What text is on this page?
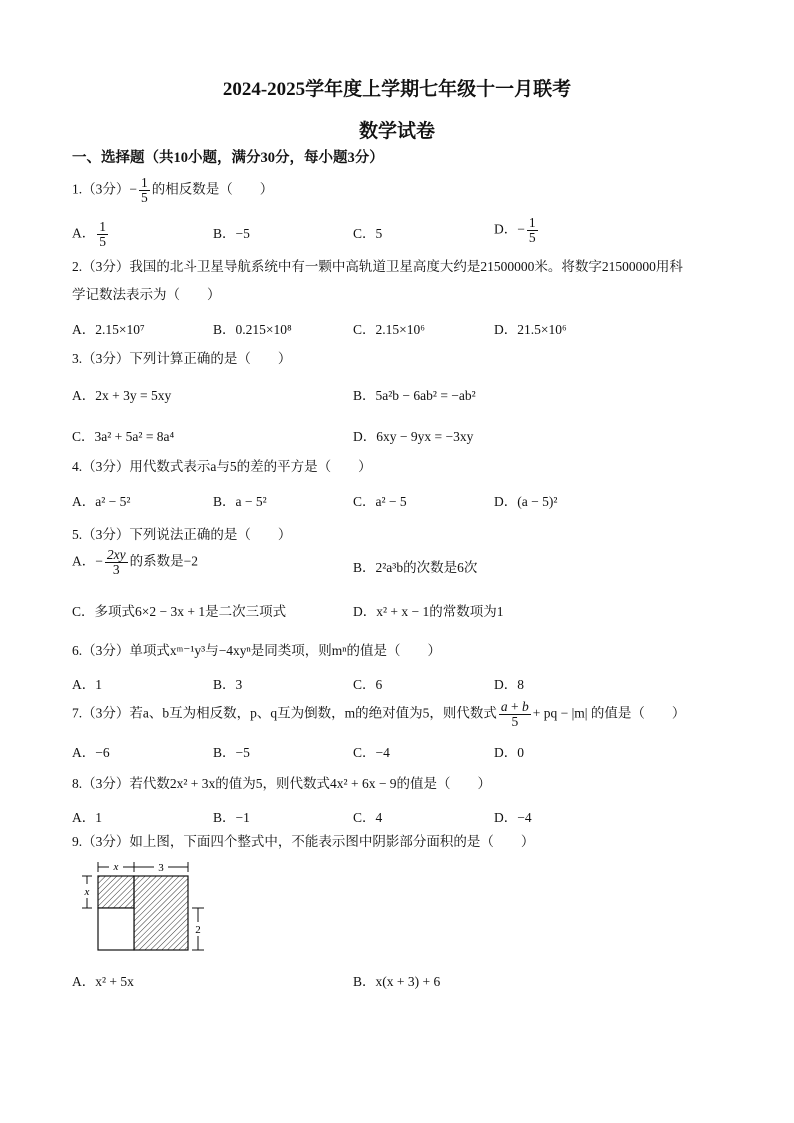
2024-2025学年度上学期七年级十一月联考
数学试卷
一、选择题（共10小题，满分30分，每小题3分）
1.（3分）− $\frac{1}{5}$ 的相反数是（　　）
A． $\frac{1}{5}$	B．−5	C．5	D．− $\frac{1}{5}$
2.（3分）我国的北斗卫星导航系统中有一颗中高轨道卫星高度大约是21500000米。将数字21500000用科
学记数法表示为（　　）
A．2.15×10⁷	B．0.215×10⁸	C．2.15×10⁶	D．21.5×10⁶
3.（3分）下列计算正确的是（　　）
A．2x + 3y = 5xy	B．5a²b − 6ab² = −ab²
C．3a² + 5a² = 8a⁴	D．6xy − 9yx = −3xy
4.（3分）用代数式表示a与5的差的平方是（　　）
A．a² − 5²	B．a − 5²	C．a² − 5	D．(a − 5)²
5.（3分）下列说法正确的是（　　）
A．− $\frac{2xy}{3}$ 的系数是−2	B．2²a³b的次数是6次
C．多项式6×2 − 3x + 1是二次三项式	D．x² + x − 1的常数项为1
6.（3分）单项式xᵐ⁻¹y³与−4xyⁿ是同类项，则mⁿ的值是（　　）
A．1	B．3	C．6	D．8
7.（3分）若a、b互为相反数，p、q互为倒数，m的绝对值为5，则代数式 $\frac{a + b}{5}$ + pq − |m| 的值是（　　）
A．−6	B．−5	C．−4	D．0
8.（3分）若代数2x² + 3x的值为5，则代数式4x² + 6x − 9的值是（　　）
A．1	B．−1	C．4	D．−4
9.（3分）如上图，下面四个整式中，不能表示图中阴影部分面积的是（　　）
x	3
x
2
A．x² + 5x	B．x(x + 3) + 6
